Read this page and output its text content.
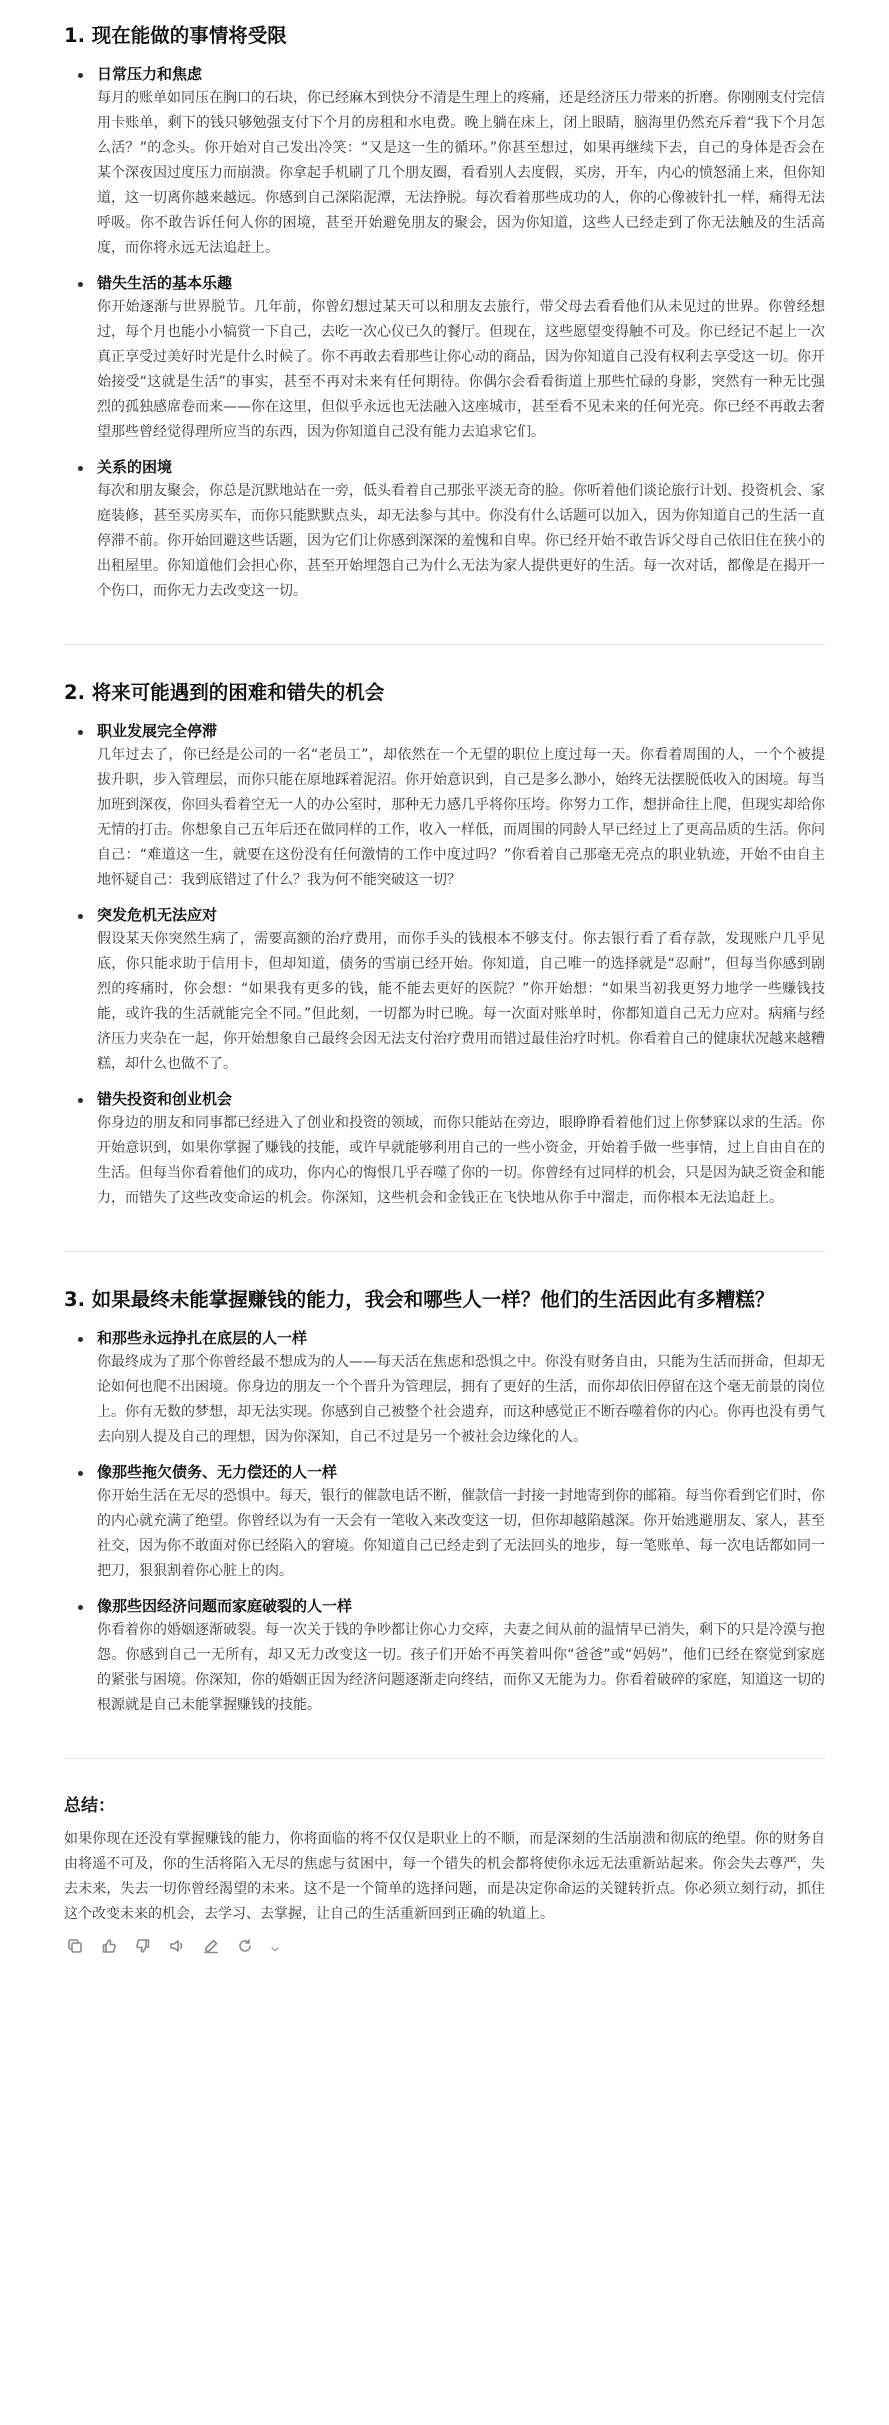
1. 现在能做的事情将受限
日常压力和焦虑
每月的账单如同压在胸口的石块，你已经麻木到快分不清是生理上的疼痛，还是经济压力带来的折磨。你刚刚支付完信用卡账单，剩下的钱只够勉强支付下个月的房租和水电费。晚上躺在床上，闭上眼睛，脑海里仍然充斥着“我下个月怎么活？”的念头。你开始对自己发出冷笑：“又是这一生的循环。”你甚至想过，如果再继续下去，自己的身体是否会在某个深夜因过度压力而崩溃。你拿起手机刷了几个朋友圈，看看别人去度假，买房，开车，内心的愤怒涌上来，但你知道，这一切离你越来越远。你感到自己深陷泥潭，无法挣脱。每次看着那些成功的人，你的心像被针扎一样，痛得无法呼吸。你不敢告诉任何人你的困境，甚至开始避免朋友的聚会，因为你知道，这些人已经走到了你无法触及的生活高度，而你将永远无法追赶上。
错失生活的基本乐趣
你开始逐渐与世界脱节。几年前，你曾幻想过某天可以和朋友去旅行，带父母去看看他们从未见过的世界。你曾经想过，每个月也能小小犒赏一下自己，去吃一次心仪已久的餐厅。但现在，这些愿望变得触不可及。你已经记不起上一次真正享受过美好时光是什么时候了。你不再敢去看那些让你心动的商品，因为你知道自己没有权利去享受这一切。你开始接受“这就是生活”的事实，甚至不再对未来有任何期待。你偶尔会看看街道上那些忙碌的身影，突然有一种无比强烈的孤独感席卷而来——你在这里，但似乎永远也无法融入这座城市，甚至看不见未来的任何光亮。你已经不再敢去奢望那些曾经觉得理所应当的东西，因为你知道自己没有能力去追求它们。
关系的困境
每次和朋友聚会，你总是沉默地站在一旁，低头看着自己那张平淡无奇的脸。你听着他们谈论旅行计划、投资机会、家庭装修，甚至买房买车，而你只能默默点头，却无法参与其中。你没有什么话题可以加入，因为你知道自己的生活一直停滞不前。你开始回避这些话题，因为它们让你感到深深的羞愧和自卑。你已经开始不敢告诉父母自己依旧住在狭小的出租屋里。你知道他们会担心你，甚至开始埋怨自己为什么无法为家人提供更好的生活。每一次对话，都像是在揭开一个伤口，而你无力去改变这一切。
2. 将来可能遇到的困难和错失的机会
职业发展完全停滞
几年过去了，你已经是公司的一名“老员工”，却依然在一个无望的职位上度过每一天。你看着周围的人，一个个被提拔升职，步入管理层，而你只能在原地踩着泥沼。你开始意识到，自己是多么渺小，始终无法摆脱低收入的困境。每当加班到深夜，你回头看着空无一人的办公室时，那种无力感几乎将你压垮。你努力工作，想拼命往上爬，但现实却给你无情的打击。你想象自己五年后还在做同样的工作，收入一样低，而周围的同龄人早已经过上了更高品质的生活。你问自己：“难道这一生，就要在这份没有任何激情的工作中度过吗？”你看着自己那毫无亮点的职业轨迹，开始不由自主地怀疑自己：我到底错过了什么？我为何不能突破这一切？
突发危机无法应对
假设某天你突然生病了，需要高额的治疗费用，而你手头的钱根本不够支付。你去银行看了看存款，发现账户几乎见底，你只能求助于信用卡，但却知道，债务的雪崩已经开始。你知道，自己唯一的选择就是“忍耐”，但每当你感到剧烈的疼痛时，你会想：“如果我有更多的钱，能不能去更好的医院？”你开始想：“如果当初我更努力地学一些赚钱技能，或许我的生活就能完全不同。”但此刻，一切都为时已晚。每一次面对账单时，你都知道自己无力应对。病痛与经济压力夹杂在一起，你开始想象自己最终会因无法支付治疗费用而错过最佳治疗时机。你看着自己的健康状况越来越糟糕，却什么也做不了。
错失投资和创业机会
你身边的朋友和同事都已经进入了创业和投资的领域，而你只能站在旁边，眼睁睁看着他们过上你梦寐以求的生活。你开始意识到，如果你掌握了赚钱的技能，或许早就能够利用自己的一些小资金，开始着手做一些事情，过上自由自在的生活。但每当你看着他们的成功，你内心的悔恨几乎吞噬了你的一切。你曾经有过同样的机会，只是因为缺乏资金和能力，而错失了这些改变命运的机会。你深知，这些机会和金钱正在飞快地从你手中溜走，而你根本无法追赶上。
3. 如果最终未能掌握赚钱的能力，我会和哪些人一样？他们的生活因此有多糟糕？
和那些永远挣扎在底层的人一样
你最终成为了那个你曾经最不想成为的人——每天活在焦虑和恐惧之中。你没有财务自由，只能为生活而拼命，但却无论如何也爬不出困境。你身边的朋友一个个晋升为管理层，拥有了更好的生活，而你却依旧停留在这个毫无前景的岗位上。你有无数的梦想，却无法实现。你感到自己被整个社会遗弃，而这种感觉正不断吞噬着你的内心。你再也没有勇气去向别人提及自己的理想，因为你深知，自己不过是另一个被社会边缘化的人。
像那些拖欠债务、无力偿还的人一样
你开始生活在无尽的恐惧中。每天，银行的催款电话不断，催款信一封接一封地寄到你的邮箱。每当你看到它们时，你的内心就充满了绝望。你曾经以为有一天会有一笔收入来改变这一切，但你却越陷越深。你开始逃避朋友、家人，甚至社交，因为你不敢面对你已经陷入的窘境。你知道自己已经走到了无法回头的地步，每一笔账单、每一次电话都如同一把刀，狠狠割着你心脏上的肉。
像那些因经济问题而家庭破裂的人一样
你看着你的婚姻逐渐破裂。每一次关于钱的争吵都让你心力交瘁，夫妻之间从前的温情早已消失，剩下的只是冷漠与抱怨。你感到自己一无所有，却又无力改变这一切。孩子们开始不再笑着叫你“爸爸”或“妈妈”，他们已经在察觉到家庭的紧张与困境。你深知，你的婚姻正因为经济问题逐渐走向终结，而你又无能为力。你看着破碎的家庭，知道这一切的根源就是自己未能掌握赚钱的技能。
总结：
如果你现在还没有掌握赚钱的能力，你将面临的将不仅仅是职业上的不顺，而是深刻的生活崩溃和彻底的绝望。你的财务自由将遥不可及，你的生活将陷入无尽的焦虑与贫困中，每一个错失的机会都将使你永远无法重新站起来。你会失去尊严，失去未来，失去一切你曾经渴望的未来。这不是一个简单的选择问题，而是决定你命运的关键转折点。你必须立刻行动，抓住这个改变未来的机会，去学习、去掌握，让自己的生活重新回到正确的轨道上。
